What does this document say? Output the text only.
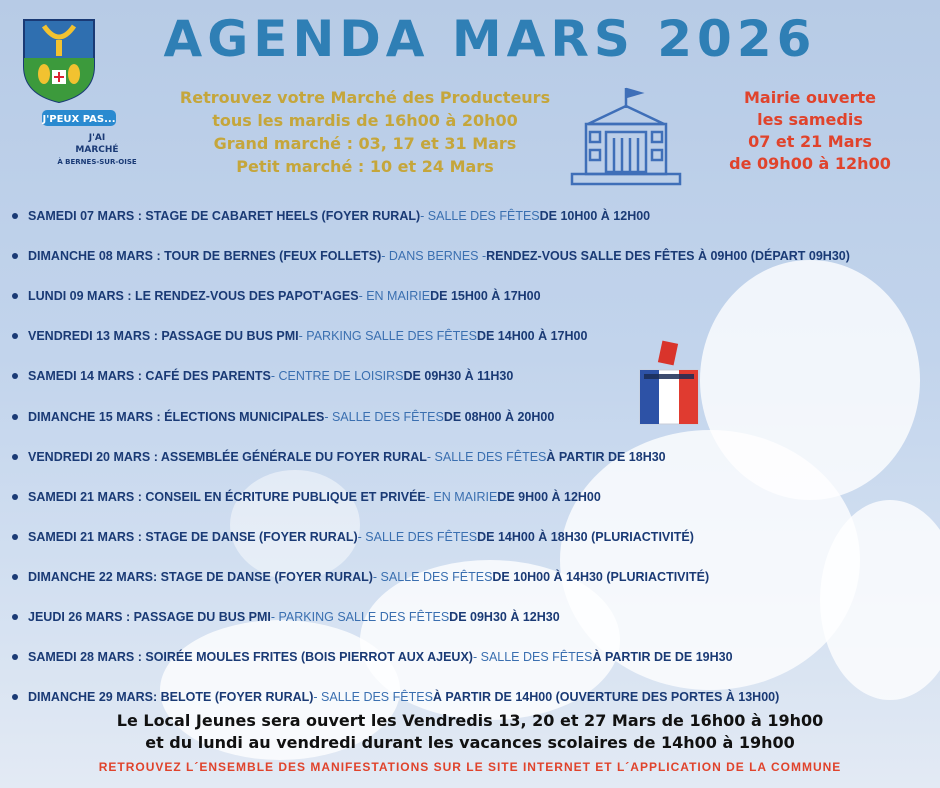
J'PEUX PAS...
J'AI
MARCHÉ
À BERNES-SUR-OISE
AGENDA MARS 2026
Retrouvez votre Marché des Producteurs
tous les mardis de 16h00 à 20h00
Grand marché : 03, 17 et 31 Mars
Petit marché : 10 et 24 Mars
Mairie ouverte
les samedis
07 et 21 Mars
de 09h00 à 12h00
SAMEDI 07 MARS : STAGE DE CABARET HEELS (FOYER RURAL) - SALLE DES FÊTES DE 10H00 À 12H00
DIMANCHE 08 MARS : TOUR DE BERNES (FEUX FOLLETS) - DANS BERNES - RENDEZ-VOUS SALLE DES FÊTES À 09H00 (DÉPART 09H30)
LUNDI 09 MARS : LE RENDEZ-VOUS DES PAPOT'AGES - EN MAIRIE DE 15H00 À 17H00
VENDREDI 13 MARS : PASSAGE DU BUS PMI - PARKING SALLE DES FÊTES DE 14H00 À 17H00
SAMEDI 14 MARS : CAFÉ DES PARENTS - CENTRE DE LOISIRS DE 09H30 À 11H30
DIMANCHE 15 MARS : ÉLECTIONS MUNICIPALES - SALLE DES FÊTES DE 08H00 À 20H00
VENDREDI 20 MARS : ASSEMBLÉE GÉNÉRALE DU FOYER RURAL - SALLE DES FÊTES À PARTIR DE 18H30
SAMEDI 21 MARS : CONSEIL EN ÉCRITURE PUBLIQUE ET PRIVÉE - EN MAIRIE DE 9H00 À 12H00
SAMEDI 21 MARS : STAGE DE DANSE (FOYER RURAL) - SALLE DES FÊTES DE 14H00 À 18H30 (PLURIACTIVITÉ)
DIMANCHE 22 MARS: STAGE DE DANSE (FOYER RURAL) - SALLE DES FÊTES DE 10H00 À 14H30 (PLURIACTIVITÉ)
JEUDI 26 MARS : PASSAGE DU BUS PMI - PARKING SALLE DES FÊTES DE 09H30 À 12H30
SAMEDI 28 MARS : SOIRÉE MOULES FRITES (BOIS PIERROT AUX AJEUX) - SALLE DES FÊTES À PARTIR DE DE 19H30
DIMANCHE 29 MARS: BELOTE (FOYER RURAL) - SALLE DES FÊTES À PARTIR DE 14H00 (OUVERTURE DES PORTES À 13H00)
Le Local Jeunes sera ouvert les Vendredis 13, 20 et 27 Mars de 16h00 à 19h00
et du lundi au vendredi durant les vacances scolaires de 14h00 à 19h00
RETROUVEZ L´ENSEMBLE DES MANIFESTATIONS SUR LE SITE INTERNET ET L´APPLICATION DE LA COMMUNE
